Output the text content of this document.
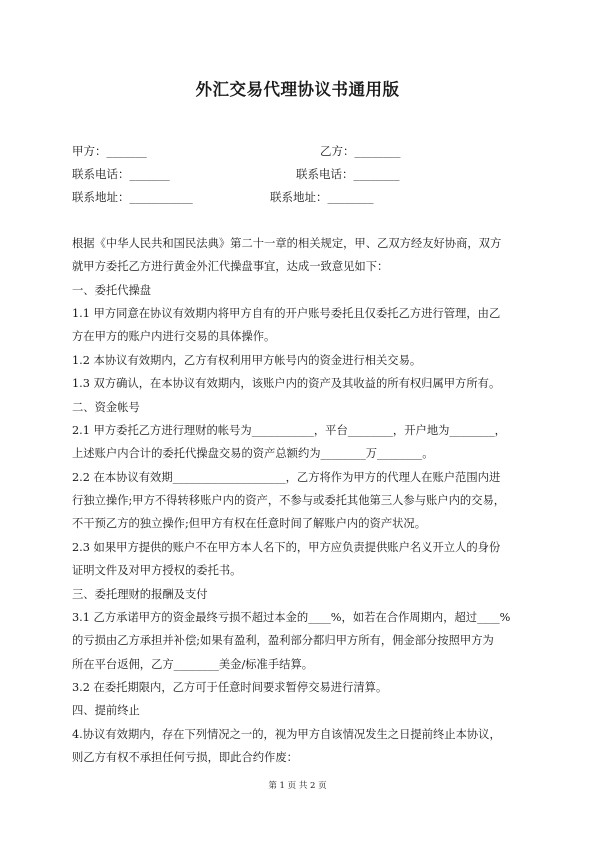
外汇交易代理协议书通用版
甲方：_______	乙方：________
联系电话：_______	联系电话：________
联系地址：___________	联系地址：________
根据《中华人民共和国民法典》第二十一章的相关规定，甲、乙双方经友好协商，双方
就甲方委托乙方进行黄金外汇代操盘事宜，达成一致意见如下：
一、委托代操盘
1.1 甲方同意在协议有效期内将甲方自有的开户账号委托且仅委托乙方进行管理，由乙
方在甲方的账户内进行交易的具体操作。
1.2 本协议有效期内，乙方有权利用甲方帐号内的资金进行相关交易。
1.3 双方确认，在本协议有效期内，该账户内的资产及其收益的所有权归属甲方所有。
二、资金帐号
2.1 甲方委托乙方进行理财的帐号为___________，平台________，开户地为________，
上述账户内合计的委托代操盘交易的资产总额约为________万________。
2.2 在本协议有效期____________________，乙方将作为甲方的代理人在账户范围内进
行独立操作;甲方不得转移账户内的资产，不参与或委托其他第三人参与账户内的交易，
不干预乙方的独立操作;但甲方有权在任意时间了解账户内的资产状况。
2.3 如果甲方提供的账户不在甲方本人名下的，甲方应负责提供账户名义开立人的身份
证明文件及对甲方授权的委托书。
三、委托理财的报酬及支付
3.1 乙方承诺甲方的资金最终亏损不超过本金的____%，如若在合作周期内，超过____%
的亏损由乙方承担并补偿;如果有盈利，盈利部分都归甲方所有，佣金部分按照甲方为
所在平台返佣，乙方________美金/标准手结算。
3.2 在委托期限内，乙方可于任意时间要求暂停交易进行清算。
四、提前终止
4.协议有效期内，存在下列情况之一的，视为甲方自该情况发生之日提前终止本协议，
则乙方有权不承担任何亏损，即此合约作废：
第 1 页 共 2 页
